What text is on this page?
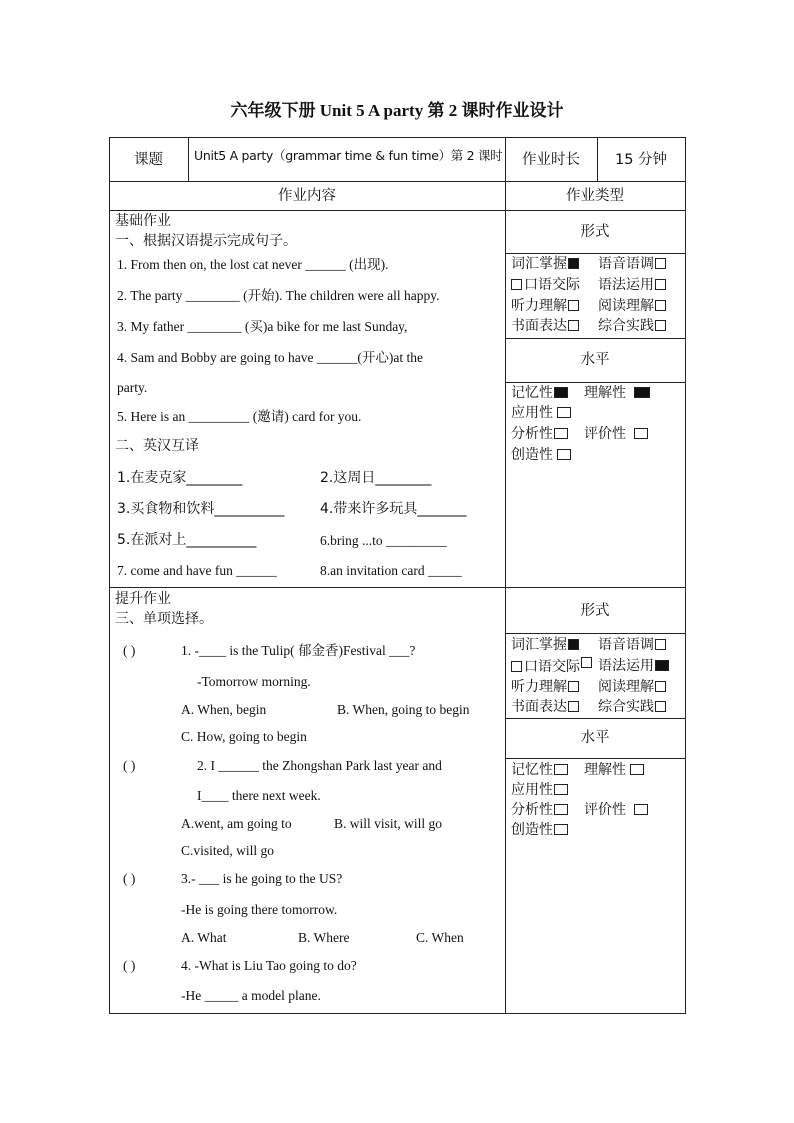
六年级下册 Unit 5 A party 第 2 课时作业设计
课题	Unit5 A party（grammar time & fun time）第 2 课时	作业时长	15 分钟
作业内容	作业类型
基础作业
一、根据汉语提示完成句子。
1. From then on, the lost cat never ______ (出现).
2. The party ________ (开始). The children were all happy.
3. My father ________ (买)a bike for me last Sunday,
4. Sam and Bobby are going to have ______(开心)at the
party.
5. Here is an _________ (邀请) card for you.
二、英汉互译
1.在麦克家________	2.这周日________
3.买食物和饮料__________	4.带来许多玩具_______
5.在派对上__________	6.bring ...to _________
7. come and have fun ______	8.an invitation card _____
提升作业
三、单项选择。
( )	1. -____ is the Tulip( 郁金香)Festival ___?
-Tomorrow morning.
A. When, begin	B. When, going to begin
C. How, going to begin
( )	2. I ______ the Zhongshan Park last year and
I____ there next week.
A.went, am going to	B. will visit, will go
C.visited, will go
( )	3.- ___ is he going to the US?
-He is going there tomorrow.
A. What	B. Where	C. When
( )	4. -What is Liu Tao going to do?
-He _____ a model plane.
形式
词汇掌握	语音语调
口语交际 语法运用
听力理解	阅读理解
书面表达	综合实践
水平
记忆性	理解性
应用性
分析性	评价性
创造性
形式
词汇掌握	语音语调
口语交际	语法运用
听力理解	阅读理解
书面表达	综合实践
水平
记忆性	理解性
应用性
分析性	评价性
创造性
